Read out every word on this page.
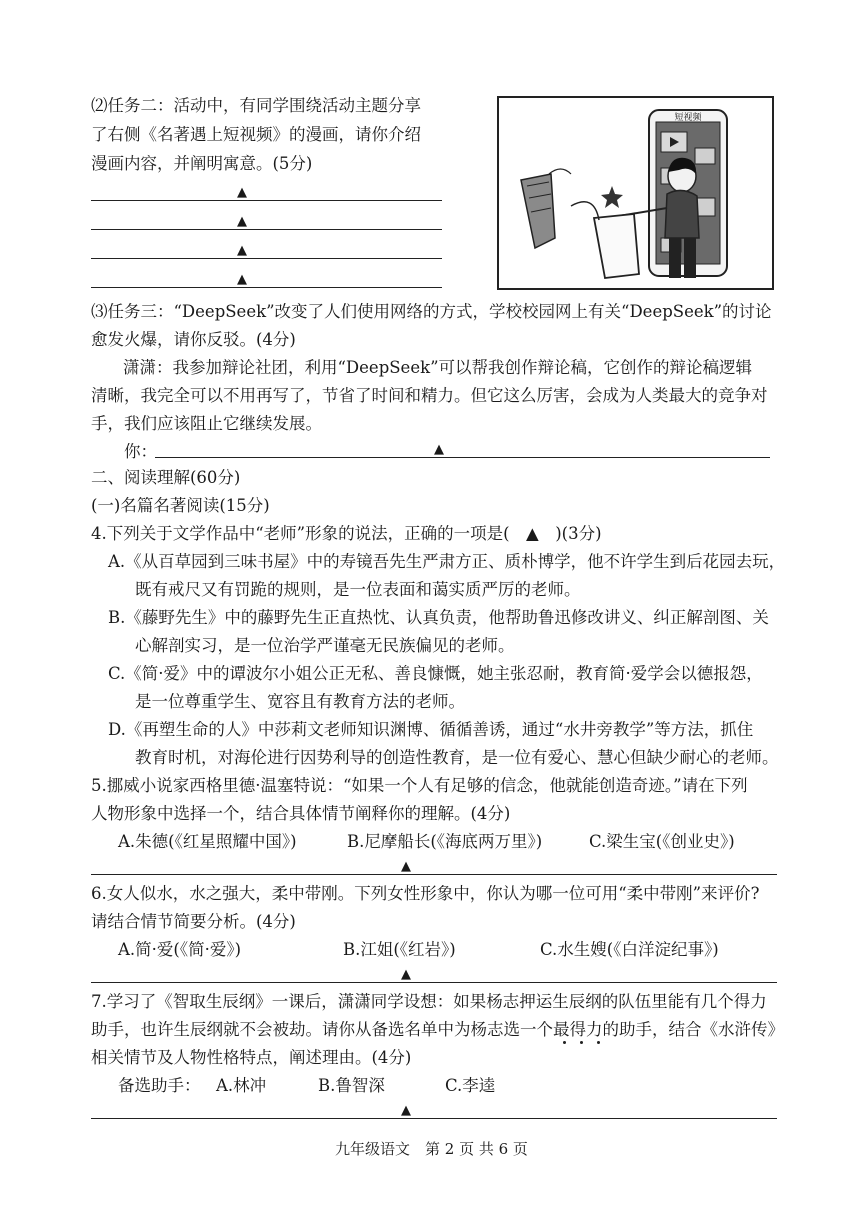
⑵任务二：活动中，有同学围绕活动主题分享
了右侧《名著遇上短视频》的漫画，请你介绍
漫画内容，并阐明寓意。(5分)
▲
▲
▲
▲
短视频
⑶任务三：“DeepSeek”改变了人们使用网络的方式，学校校园网上有关“DeepSeek”的讨论
愈发火爆，请你反驳。(4分)
潇潇：我参加辩论社团，利用“DeepSeek”可以帮我创作辩论稿，它创作的辩论稿逻辑
清晰，我完全可以不用再写了，节省了时间和精力。但它这么厉害，会成为人类最大的竞争对
手，我们应该阻止它继续发展。
你：	▲
二、阅读理解(60分)
(一)名篇名著阅读(15分)
4.下列关于文学作品中“老师”形象的说法，正确的一项是(　▲　)(3分)
A.《从百草园到三味书屋》中的寿镜吾先生严肃方正、质朴博学，他不许学生到后花园去玩，
既有戒尺又有罚跪的规则，是一位表面和蔼实质严厉的老师。
B.《藤野先生》中的藤野先生正直热忱、认真负责，他帮助鲁迅修改讲义、纠正解剖图、关
心解剖实习，是一位治学严谨毫无民族偏见的老师。
C.《简·爱》中的谭波尔小姐公正无私、善良慷慨，她主张忍耐，教育简·爱学会以德报怨，
是一位尊重学生、宽容且有教育方法的老师。
D.《再塑生命的人》中莎莉文老师知识渊博、循循善诱，通过“水井旁教学”等方法，抓住
教育时机，对海伦进行因势利导的创造性教育，是一位有爱心、慧心但缺少耐心的老师。
5.挪威小说家西格里德·温塞特说：“如果一个人有足够的信念，他就能创造奇迹。”请在下列
人物形象中选择一个，结合具体情节阐释你的理解。(4分)
A.朱德(《红星照耀中国》)	B.尼摩船长(《海底两万里》)	C.梁生宝(《创业史》)
▲
6.女人似水，水之强大，柔中带刚。下列女性形象中，你认为哪一位可用“柔中带刚”来评价?
请结合情节简要分析。(4分)
A.简·爱(《简·爱》)	B.江姐(《红岩》)	C.水生嫂(《白洋淀纪事》)
▲
7.学习了《智取生辰纲》一课后，潇潇同学设想：如果杨志押运生辰纲的队伍里能有几个得力
助手，也许生辰纲就不会被劫。请你从备选名单中为杨志选一个最得力的助手，结合《水浒传》
相关情节及人物性格特点，阐述理由。(4分)
备选助手： A.林冲	B.鲁智深	C.李逵
▲
九年级语文　第 2 页 共 6 页
